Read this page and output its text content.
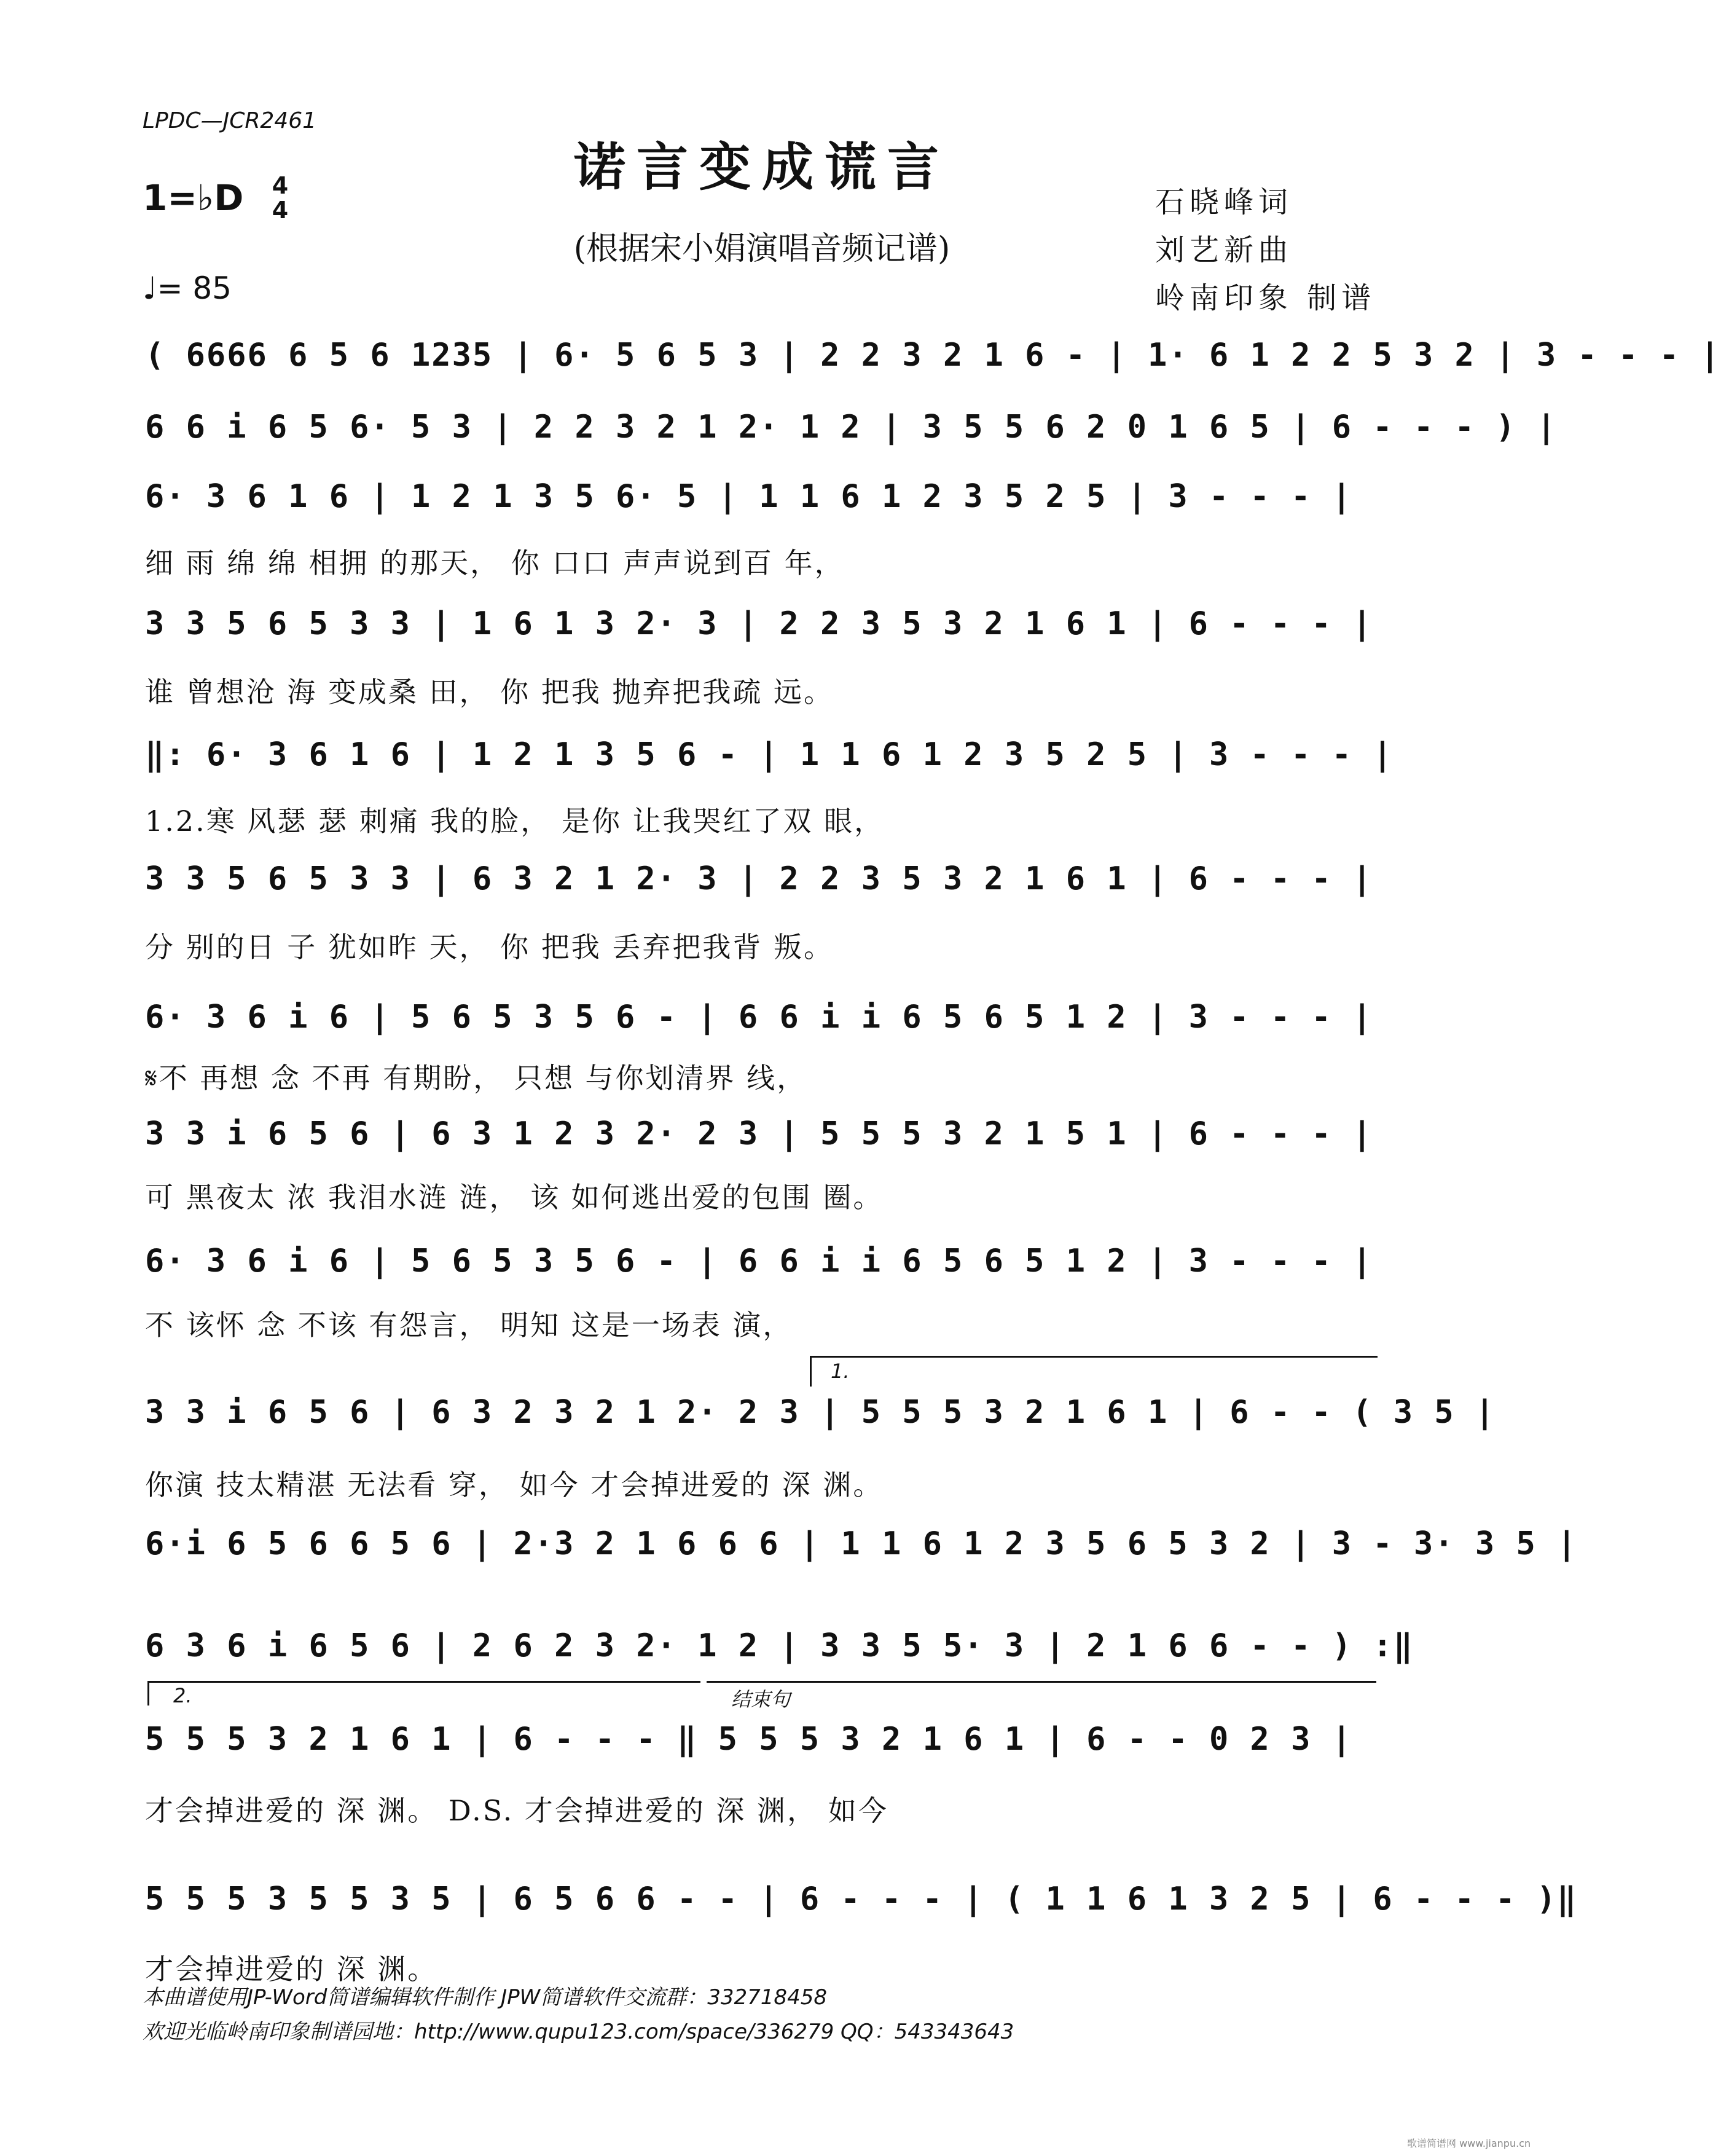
LPDC—JCR2461
诺言变成谎言
(根据宋小娟演唱音频记谱)
1=♭D	4
4
♩= 85
石晓峰词
刘艺新曲
岭南印象 制谱
( 6666 6 5 6 1235 | 6· 5 6 5 3 | 2 2 3 2 1 6 - | 1· 6 1 2 2 5 3 2 | 3 - - - |
6 6 i 6 5 6· 5 3 | 2 2 3 2 1 2· 1 2 | 3 5 5 6 2 0 1 6 5 | 6 - - - ) |
6· 3 6 1 6 | 1 2 1 3 5 6· 5 | 1 1 6 1 2 3 5 2 5 | 3 - - - |
细 雨 绵 绵 相拥 的那天， 你 口口 声声说到百 年，
3 3 5 6 5 3 3 | 1 6 1 3 2· 3 | 2 2 3 5 3 2 1 6 1 | 6 - - - |
谁 曾想沧 海 变成桑 田， 你 把我 抛弃把我疏 远。
‖: 6· 3 6 1 6 | 1 2 1 3 5 6 - | 1 1 6 1 2 3 5 2 5 | 3 - - - |
1.2.寒 风瑟 瑟 刺痛 我的脸， 是你 让我哭红了双 眼，
3 3 5 6 5 3 3 | 6 3 2 1 2· 3 | 2 2 3 5 3 2 1 6 1 | 6 - - - |
分 别的日 子 犹如昨 天， 你 把我 丢弃把我背 叛。
6· 3 6 i 6 | 5 6 5 3 5 6 - | 6 6 i i 6 5 6 5 1 2 | 3 - - - |
𝄋不 再想 念 不再 有期盼， 只想 与你划清界 线，
3 3 i 6 5 6 | 6 3 1 2 3 2· 2 3 | 5 5 5 3 2 1 5 1 | 6 - - - |
可 黑夜太 浓 我泪水涟 涟， 该 如何逃出爱的包围 圈。
6· 3 6 i 6 | 5 6 5 3 5 6 - | 6 6 i i 6 5 6 5 1 2 | 3 - - - |
不 该怀 念 不该 有怨言， 明知 这是一场表 演，
1.
3 3 i 6 5 6 | 6 3 2 3 2 1 2· 2 3 | 5 5 5 3 2 1 6 1 | 6 - - ( 3 5 |
你演 技太精湛 无法看 穿， 如今 才会掉进爱的 深 渊。
6·i 6 5 6 6 5 6 | 2·3 2 1 6 6 6 | 1 1 6 1 2 3 5 6 5 3 2 | 3 - 3· 3 5 |
6 3 6 i 6 5 6 | 2 6 2 3 2· 1 2 | 3 3 5 5· 3 | 2 1 6 6 - - ) :‖
2.	结束句
5 5 5 3 2 1 6 1 | 6 - - - ‖ 5 5 5 3 2 1 6 1 | 6 - - 0 2 3 |
才会掉进爱的 深 渊。 D.S. 才会掉进爱的 深 渊， 如今
5 5 5 3 5 5 3 5 | 6 5 6 6 - - | 6 - - - | ( 1 1 6 1 3 2 5 | 6 - - - )‖
才会掉进爱的 深 渊。
本曲谱使用JP-Word简谱编辑软件制作 JPW简谱软件交流群：332718458
欢迎光临岭南印象制谱园地：http://www.qupu123.com/space/336279 QQ：543343643
歌谱简谱网 www.jianpu.cn
